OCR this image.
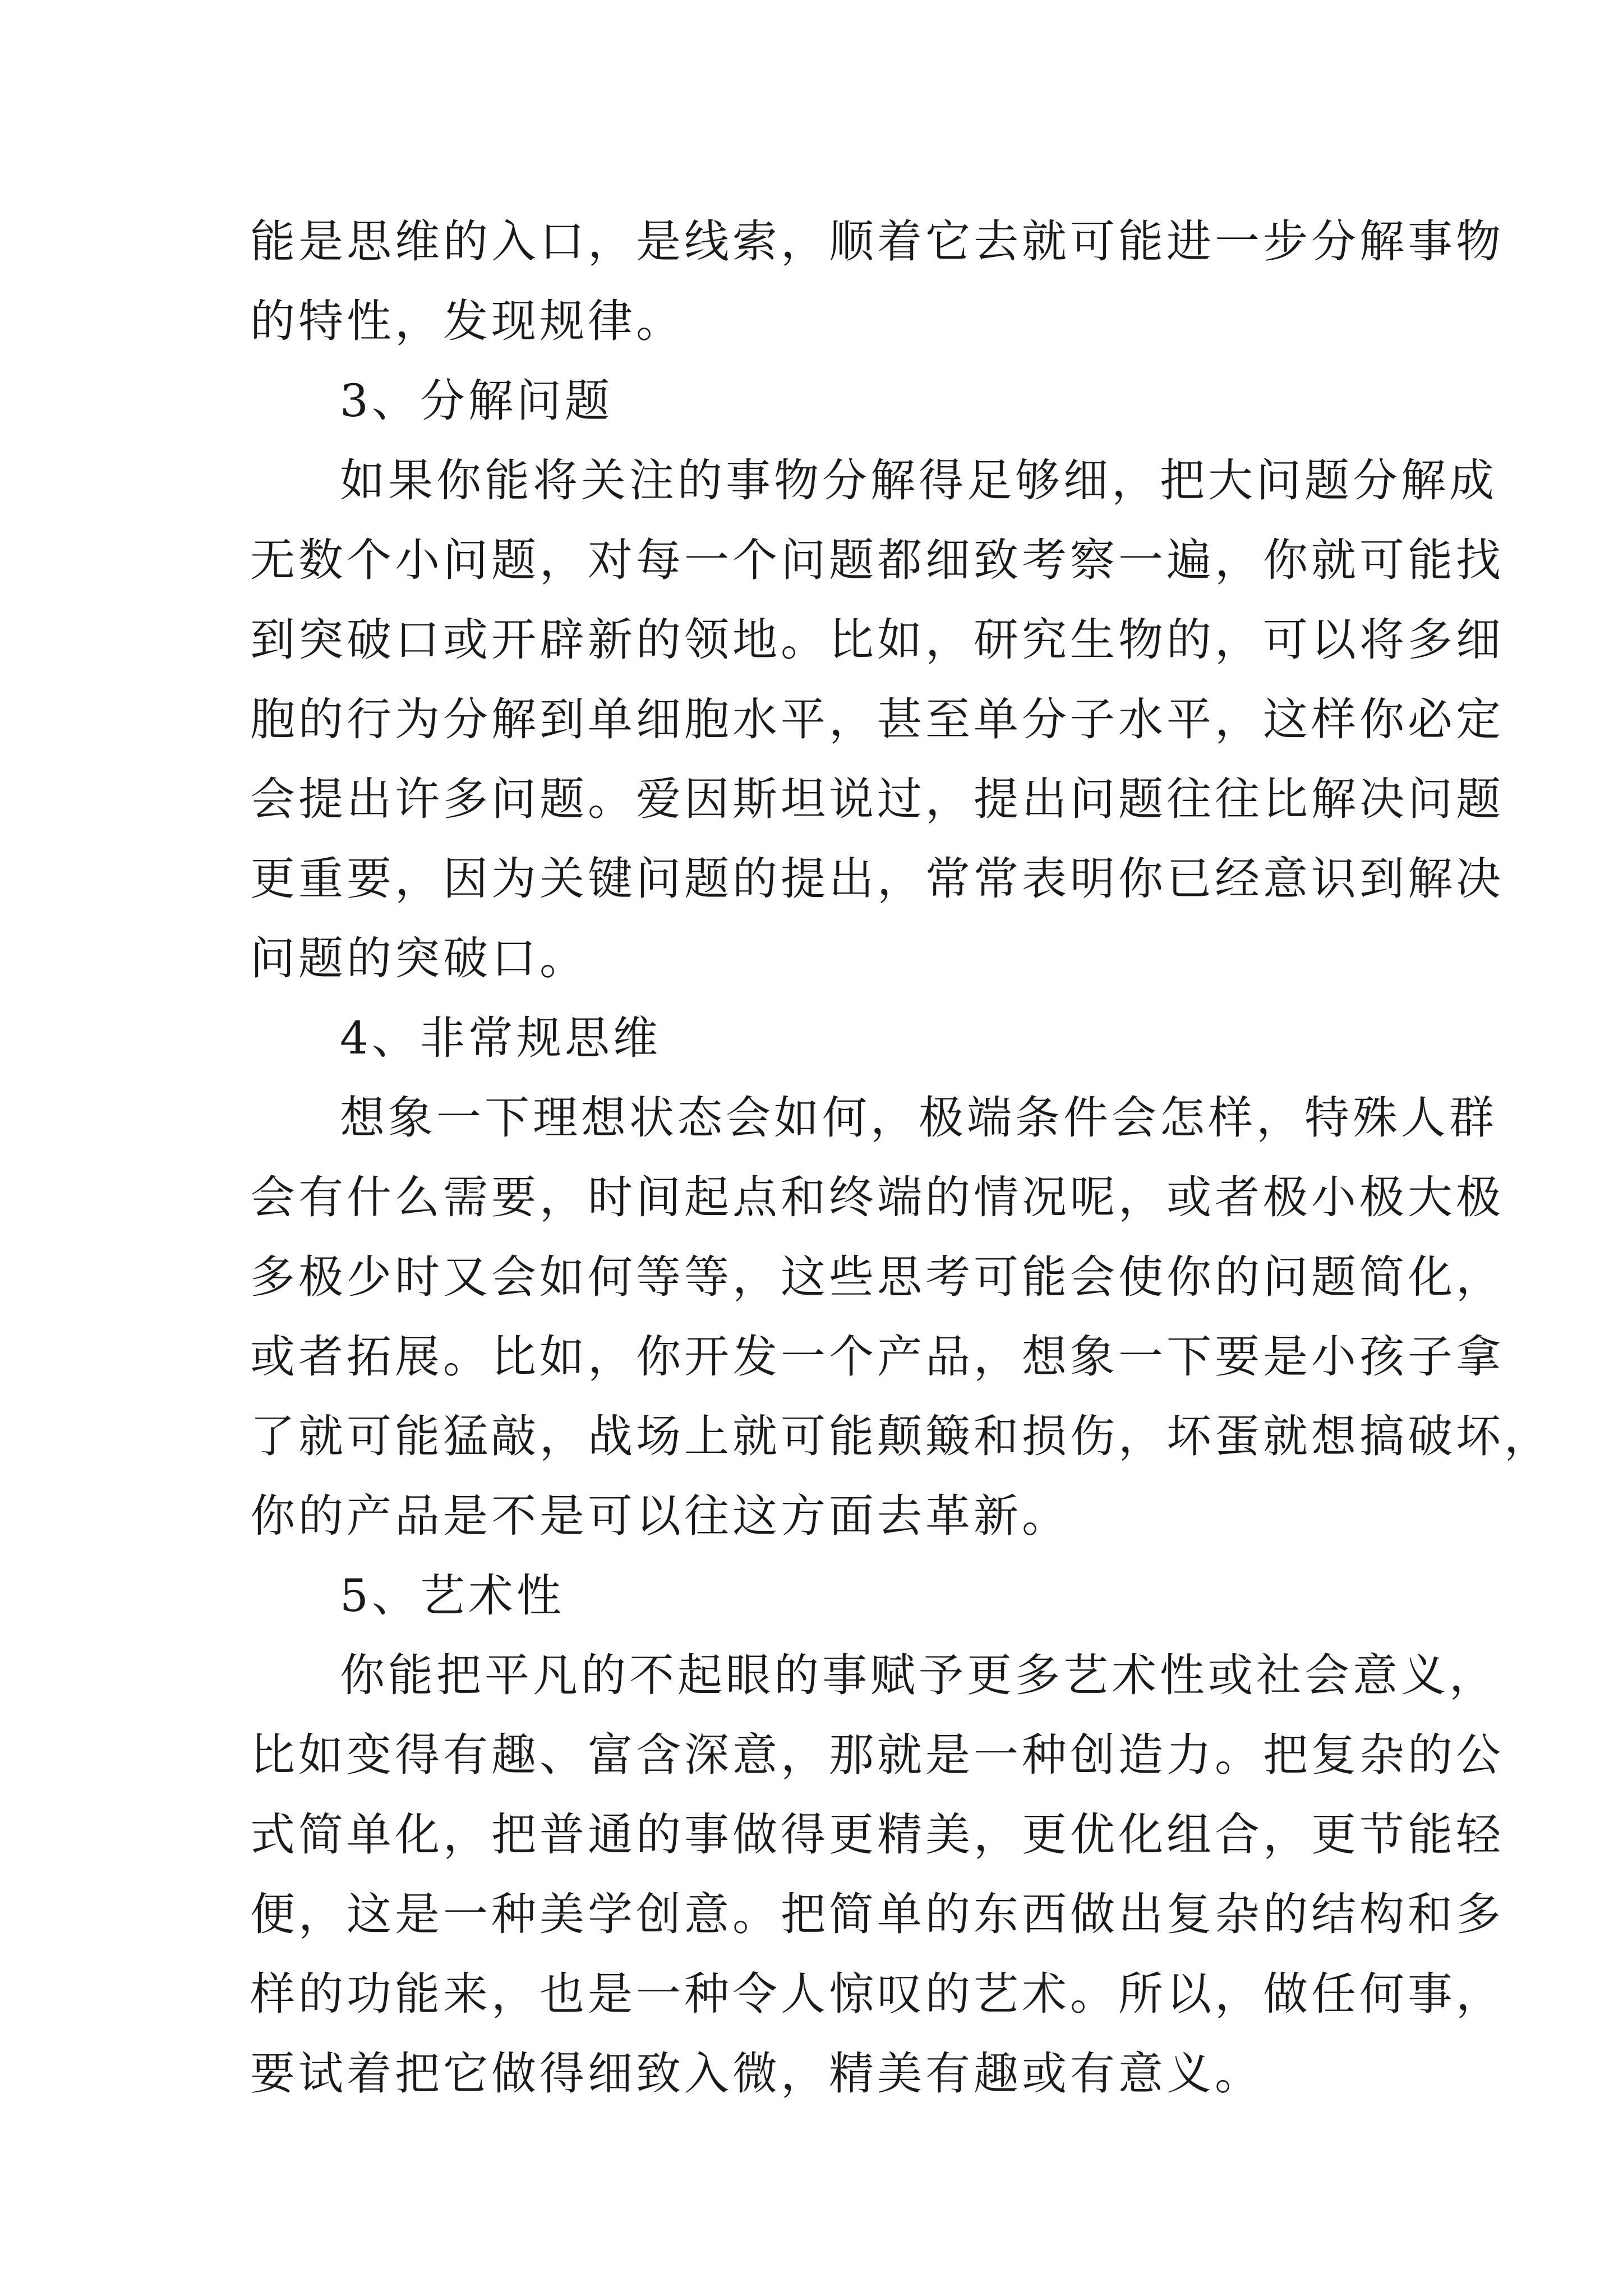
能是思维的入口，是线索，顺着它去就可能进一步分解事物
的特性，发现规律。
3、分解问题
如果你能将关注的事物分解得足够细，把大问题分解成
无数个小问题，对每一个问题都细致考察一遍，你就可能找
到突破口或开辟新的领地。比如，研究生物的，可以将多细
胞的行为分解到单细胞水平，甚至单分子水平，这样你必定
会提出许多问题。爱因斯坦说过，提出问题往往比解决问题
更重要，因为关键问题的提出，常常表明你已经意识到解决
问题的突破口。
4、非常规思维
想象一下理想状态会如何，极端条件会怎样，特殊人群
会有什么需要，时间起点和终端的情况呢，或者极小极大极
多极少时又会如何等等，这些思考可能会使你的问题简化，
或者拓展。比如，你开发一个产品，想象一下要是小孩子拿
了就可能猛敲，战场上就可能颠簸和损伤，坏蛋就想搞破坏，
你的产品是不是可以往这方面去革新。
5、艺术性
你能把平凡的不起眼的事赋予更多艺术性或社会意义，
比如变得有趣、富含深意，那就是一种创造力。把复杂的公
式简单化，把普通的事做得更精美，更优化组合，更节能轻
便，这是一种美学创意。把简单的东西做出复杂的结构和多
样的功能来，也是一种令人惊叹的艺术。所以，做任何事，
要试着把它做得细致入微，精美有趣或有意义。
